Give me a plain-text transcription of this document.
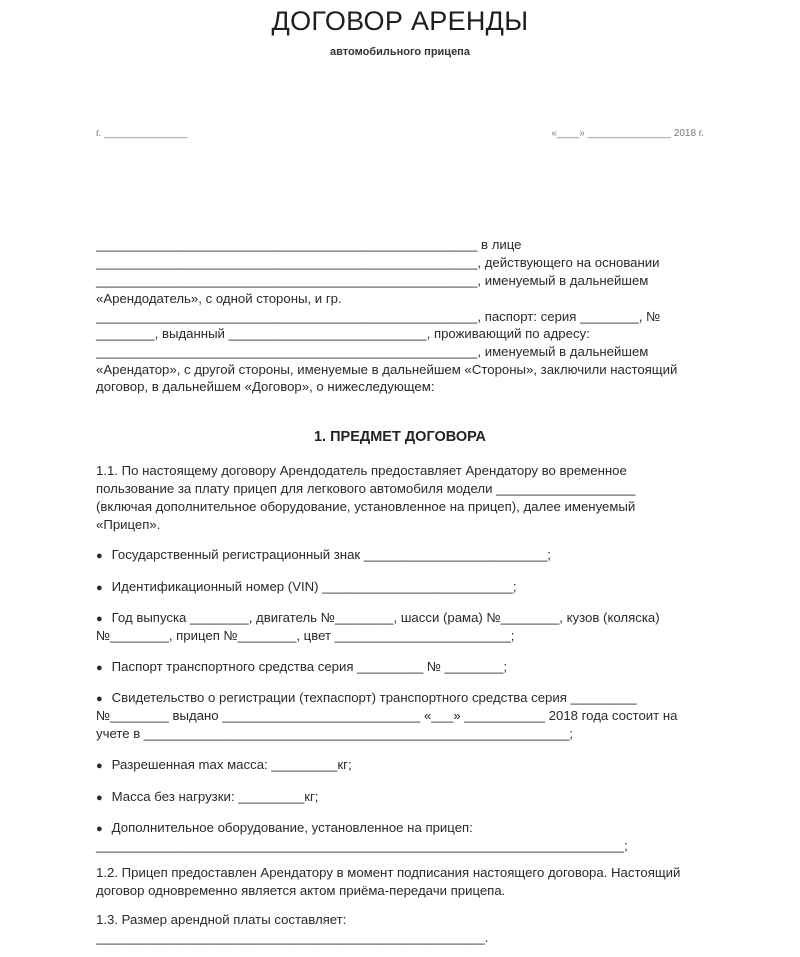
ДОГОВОР АРЕНДЫ
автомобильного прицепа
г. _______________	«____» _______________ 2018 г.
____________________________________________________ в лице
____________________________________________________, действующего на основании
____________________________________________________, именуемый в дальнейшем
«Арендодатель», с одной стороны, и гр.
____________________________________________________, паспорт: серия ________, №
________, выданный ___________________________, проживающий по адресу:
____________________________________________________, именуемый в дальнейшем
«Арендатор», с другой стороны, именуемые в дальнейшем «Стороны», заключили настоящий
договор, в дальнейшем «Договор», о нижеследующем:
1. ПРЕДМЕТ ДОГОВОРА
1.1. По настоящему договору Арендодатель предоставляет Арендатору во временное
пользование за плату прицеп для легкового автомобиля модели ___________________
(включая дополнительное оборудование, установленное на прицеп), далее именуемый
«Прицеп».
● Государственный регистрационный знак _________________________;
● Идентификационный номер (VIN) __________________________;
● Год выпуска ________, двигатель №________, шасси (рама) №________, кузов (коляска)
№________, прицеп №________, цвет ________________________;
● Паспорт транспортного средства серия _________ № ________;
● Свидетельство о регистрации (техпаспорт) транспортного средства серия _________
№________ выдано ___________________________ «___» ___________ 2018 года состоит на
учете в __________________________________________________________;
● Разрешенная max масса: _________кг;
● Масса без нагрузки: _________кг;
● Дополнительное оборудование, установленное на прицеп:
________________________________________________________________________;
1.2. Прицеп предоставлен Арендатору в момент подписания настоящего договора. Настоящий
договор одновременно является актом приёма-передачи прицепа.
1.3. Размер арендной платы составляет:
_____________________________________________________.
